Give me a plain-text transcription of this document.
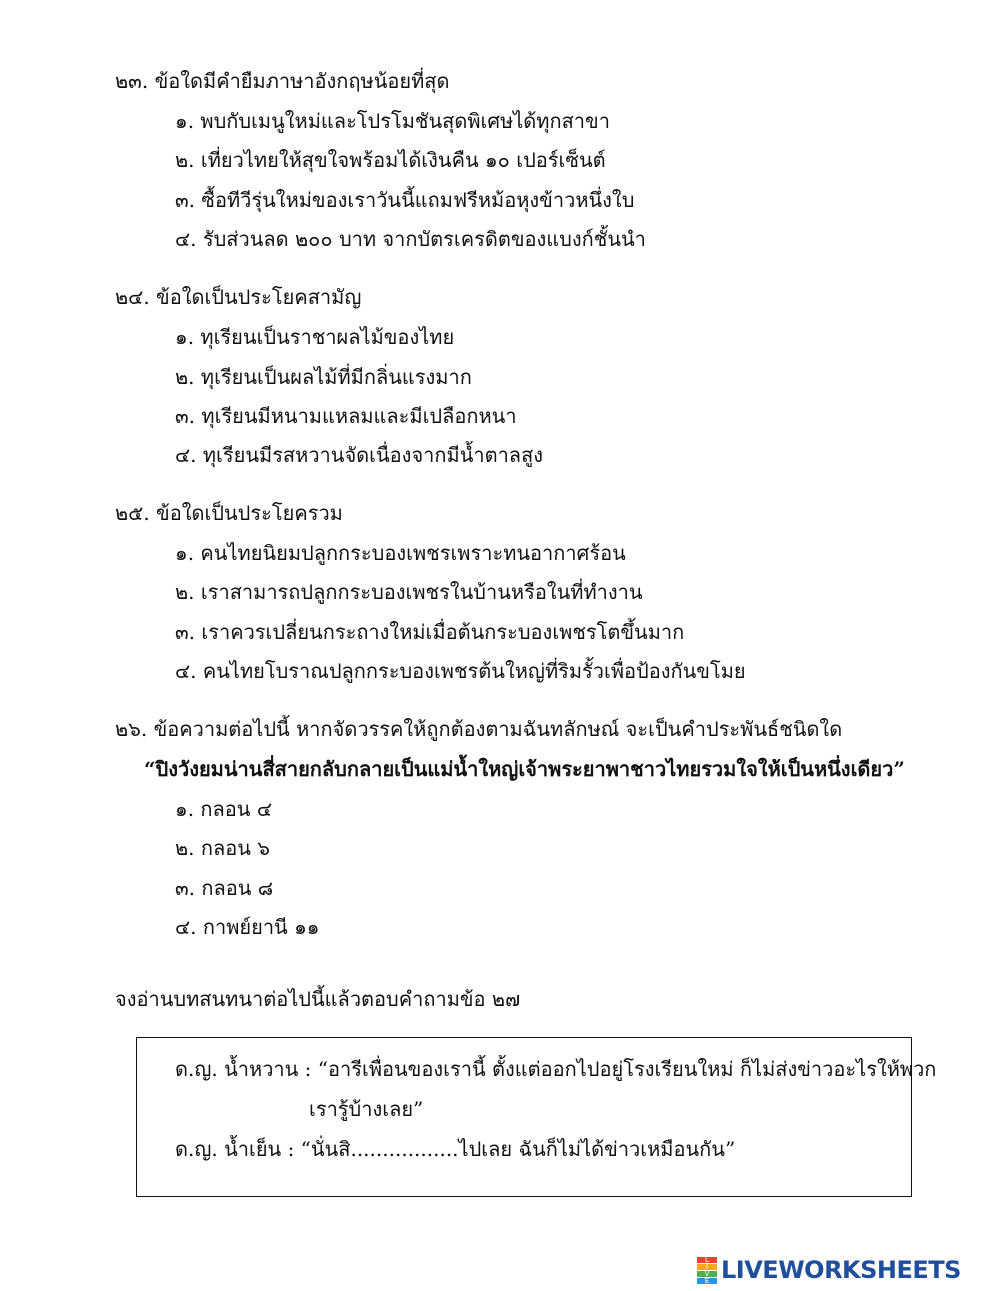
๒๓. ข้อใดมีคำยืมภาษาอังกฤษน้อยที่สุด
๑. พบกับเมนูใหม่และโปรโมชันสุดพิเศษได้ทุกสาขา
๒. เที่ยวไทยให้สุขใจพร้อมได้เงินคืน ๑๐ เปอร์เซ็นต์
๓. ซื้อทีวีรุ่นใหม่ของเราวันนี้แถมฟรีหม้อหุงข้าวหนึ่งใบ
๔. รับส่วนลด ๒๐๐ บาท จากบัตรเครดิตของแบงก์ชั้นนำ
๒๔. ข้อใดเป็นประโยคสามัญ
๑. ทุเรียนเป็นราชาผลไม้ของไทย
๒. ทุเรียนเป็นผลไม้ที่มีกลิ่นแรงมาก
๓. ทุเรียนมีหนามแหลมและมีเปลือกหนา
๔. ทุเรียนมีรสหวานจัดเนื่องจากมีน้ำตาลสูง
๒๕. ข้อใดเป็นประโยครวม
๑. คนไทยนิยมปลูกกระบองเพชรเพราะทนอากาศร้อน
๒. เราสามารถปลูกกระบองเพชรในบ้านหรือในที่ทำงาน
๓. เราควรเปลี่ยนกระถางใหม่เมื่อต้นกระบองเพชรโตขึ้นมาก
๔. คนไทยโบราณปลูกกระบองเพชรต้นใหญ่ที่ริมรั้วเพื่อป้องกันขโมย
๒๖. ข้อความต่อไปนี้ หากจัดวรรคให้ถูกต้องตามฉันทลักษณ์ จะเป็นคำประพันธ์ชนิดใด
“ปิงวังยมน่านสี่สายกลับกลายเป็นแม่น้ำใหญ่เจ้าพระยาพาชาวไทยรวมใจให้เป็นหนึ่งเดียว”
๑. กลอน ๔
๒. กลอน ๖
๓. กลอน ๘
๔. กาพย์ยานี ๑๑
จงอ่านบทสนทนาต่อไปนี้แล้วตอบคำถามข้อ ๒๗
ด.ญ. น้ำหวาน : “อารีเพื่อนของเรานี้ ตั้งแต่ออกไปอยู่โรงเรียนใหม่ ก็ไม่ส่งข่าวอะไรให้พวก
เรารู้บ้างเลย”
ด.ญ. น้ำเย็น : “นั่นสิ.................ไปเลย ฉันก็ไม่ได้ข่าวเหมือนกัน”
L
I
V
E LIVEWORKSHEETS
